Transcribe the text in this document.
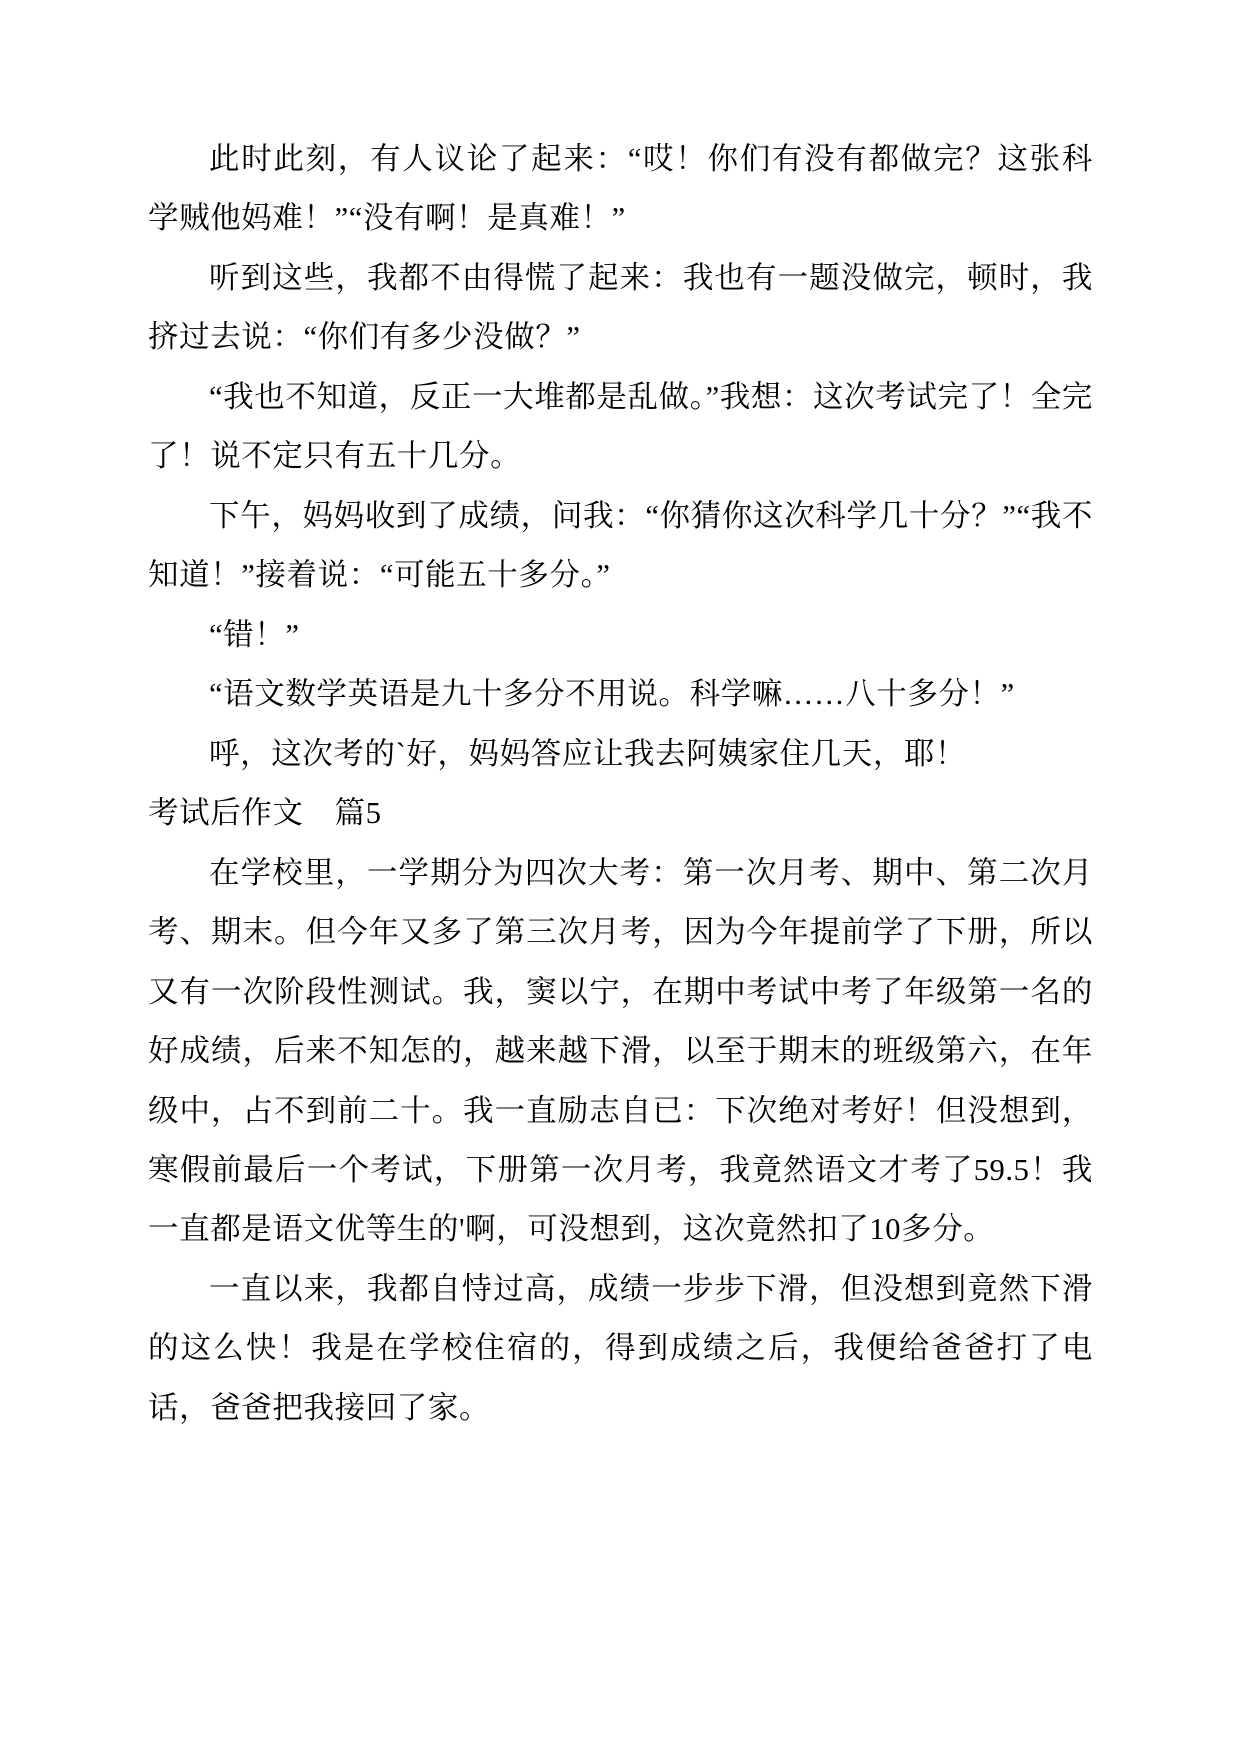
此时此刻，有人议论了起来：“哎！你们有没有都做完？这张科学贼他妈难！”“没有啊！是真难！”

听到这些，我都不由得慌了起来：我也有一题没做完，顿时，我挤过去说：“你们有多少没做？”

“我也不知道，反正一大堆都是乱做。”我想：这次考试完了！全完了！说不定只有五十几分。

下午，妈妈收到了成绩，问我：“你猜你这次科学几十分？”“我不知道！”接着说：“可能五十多分。”

“错！”

“语文数学英语是九十多分不用说。科学嘛……八十多分！”

呼，这次考的`好，妈妈答应让我去阿姨家住几天，耶！

考试后作文　篇5

在学校里，一学期分为四次大考：第一次月考、期中、第二次月考、期末。但今年又多了第三次月考，因为今年提前学了下册，所以又有一次阶段性测试。我，窦以宁，在期中考试中考了年级第一名的好成绩，后来不知怎的，越来越下滑，以至于期末的班级第六，在年级中，占不到前二十。我一直励志自已：下次绝对考好！但没想到，寒假前最后一个考试，下册第一次月考，我竟然语文才考了59.5！我一直都是语文优等生的'啊，可没想到，这次竟然扣了10多分。

一直以来，我都自恃过高，成绩一步步下滑，但没想到竟然下滑的这么快！我是在学校住宿的，得到成绩之后，我便给爸爸打了电话，爸爸把我接回了家。
